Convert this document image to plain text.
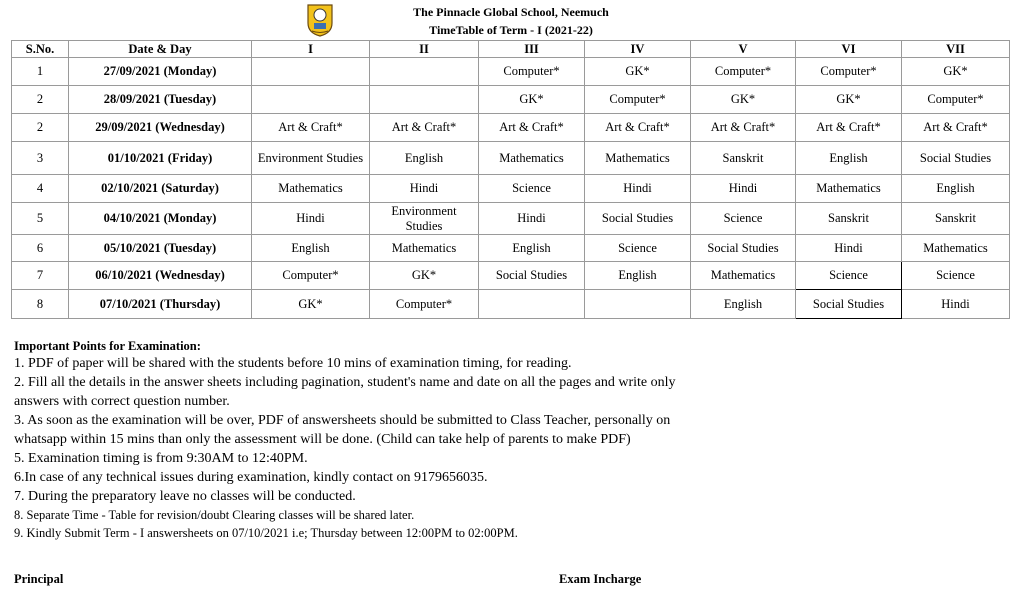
The Pinnacle Global School, Neemuch
TimeTable of Term - I (2021-22)
S.No.	Date & Day	I	II	III	IV	V	VI	VII
1	27/09/2021 (Monday)			Computer*	GK*	Computer*	Computer*	GK*
2	28/09/2021 (Tuesday)			GK*	Computer*	GK*	GK*	Computer*
2	29/09/2021 (Wednesday)	Art & Craft*	Art & Craft*	Art & Craft*	Art & Craft*	Art & Craft*	Art & Craft*	Art & Craft*
3	01/10/2021 (Friday)	Environment Studies	English	Mathematics	Mathematics	Sanskrit	English	Social Studies
4	02/10/2021 (Saturday)	Mathematics	Hindi	Science	Hindi	Hindi	Mathematics	English
5	04/10/2021 (Monday)	Hindi	Environment Studies	Hindi	Social Studies	Science	Sanskrit	Sanskrit
6	05/10/2021 (Tuesday)	English	Mathematics	English	Science	Social Studies	Hindi	Mathematics
7	06/10/2021 (Wednesday)	Computer*	GK*	Social Studies	English	Mathematics	Science	Science
8	07/10/2021 (Thursday)	GK*	Computer*			English	Social Studies	Hindi
Important Points for Examination:
1. PDF of paper will be shared with the students before 10 mins of examination timing, for reading.
2. Fill all the details in the answer sheets including pagination, student's name and date on all the pages and write only
answers with correct question number.
3. As soon as the examination will be over, PDF of answersheets should be submitted to Class Teacher, personally on
whatsapp within 15 mins than only the assessment will be done. (Child can take help of parents to make PDF)
5. Examination timing is from 9:30AM to 12:40PM.
6.In case of any technical issues during examination, kindly contact on 9179656035.
7. During the preparatory leave no classes will be conducted.
8. Separate Time - Table for revision/doubt Clearing classes will be shared later.
9. Kindly Submit Term - I answersheets on 07/10/2021 i.e; Thursday between 12:00PM to 02:00PM.
Principal	Exam Incharge
